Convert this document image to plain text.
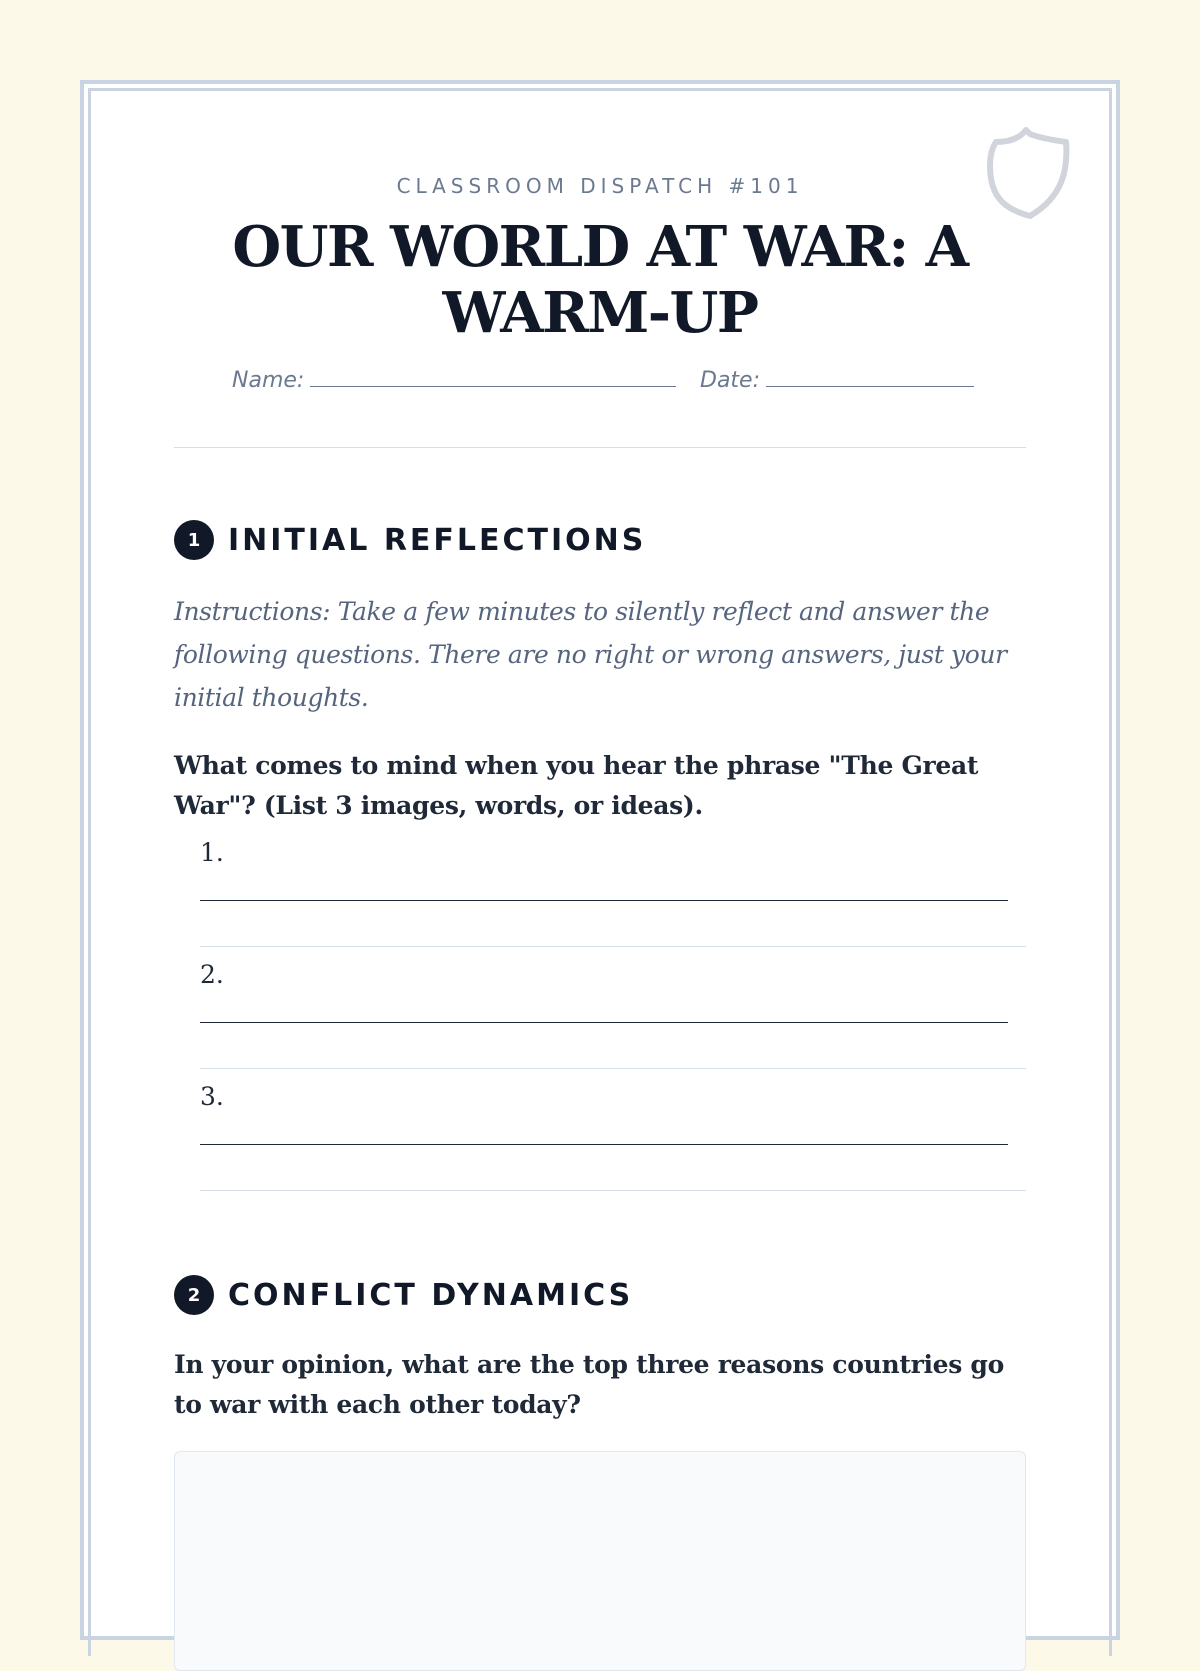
CLASSROOM DISPATCH #101
OUR WORLD AT WAR: A WARM-UP
Name:	Date:
1 INITIAL REFLECTIONS
Instructions: Take a few minutes to silently reflect and answer the following questions. There are no right or wrong answers, just your initial thoughts.
What comes to mind when you hear the phrase "The Great War"? (List 3 images, words, or ideas).
1.
2.
3.
2 CONFLICT DYNAMICS
In your opinion, what are the top three reasons countries go to war with each other today?
